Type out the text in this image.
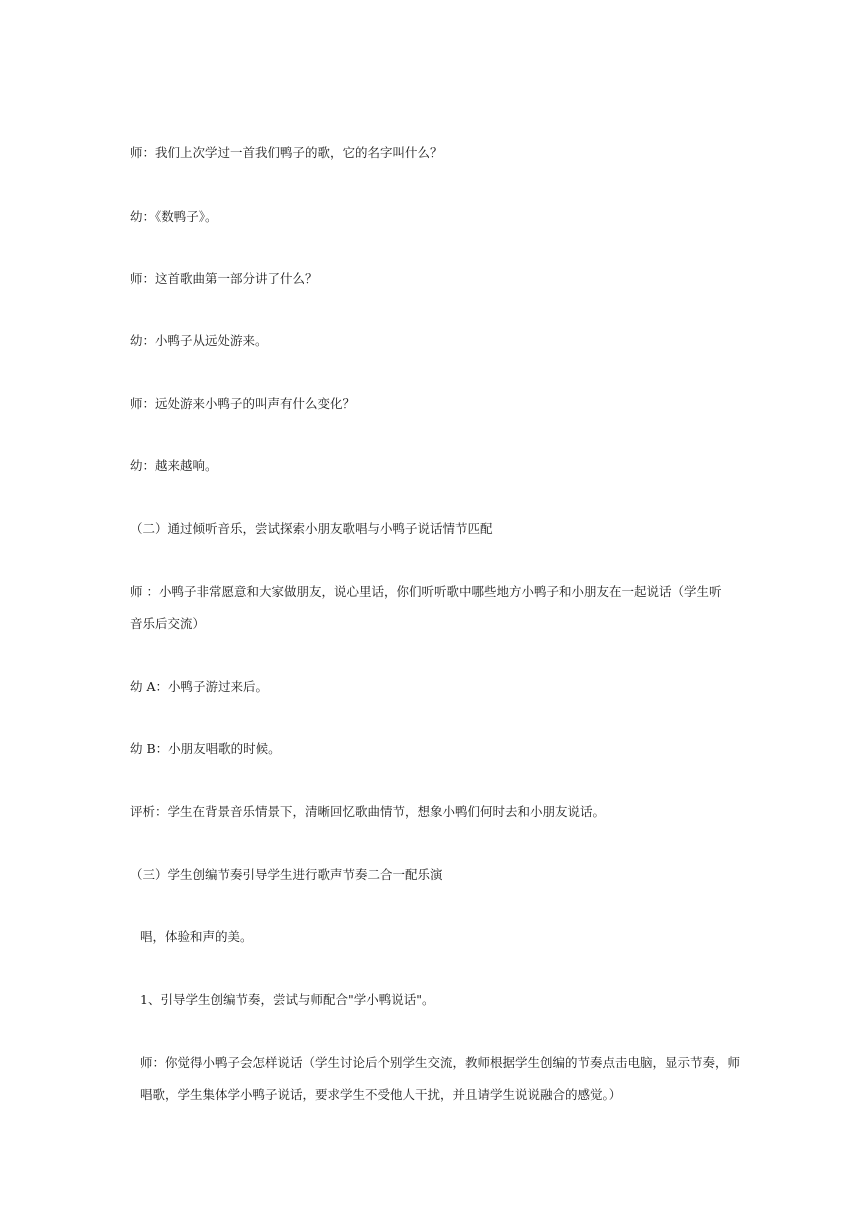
师：我们上次学过一首我们鸭子的歌，它的名字叫什么？
幼：《数鸭子》。
师：这首歌曲第一部分讲了什么？
幼：小鸭子从远处游来。
师：远处游来小鸭子的叫声有什么变化？
幼：越来越响。
（二）通过倾听音乐，尝试探索小朋友歌唱与小鸭子说话情节匹配
师 ：小鸭子非常愿意和大家做朋友，说心里话，你们听听歌中哪些地方小鸭子和小朋友在一起说话（学生听音乐后交流）
幼 A：小鸭子游过来后。
幼 B：小朋友唱歌的时候。
评析：学生在背景音乐情景下，清晰回忆歌曲情节，想象小鸭们何时去和小朋友说话。
（三）学生创编节奏引导学生进行歌声节奏二合一配乐演
唱，体验和声的美。
1、引导学生创编节奏，尝试与师配合"学小鸭说话"。
师：你觉得小鸭子会怎样说话（学生讨论后个别学生交流，教师根据学生创编的节奏点击电脑，显示节奏，师唱歌，学生集体学小鸭子说话，要求学生不受他人干扰，并且请学生说说融合的感觉。）
